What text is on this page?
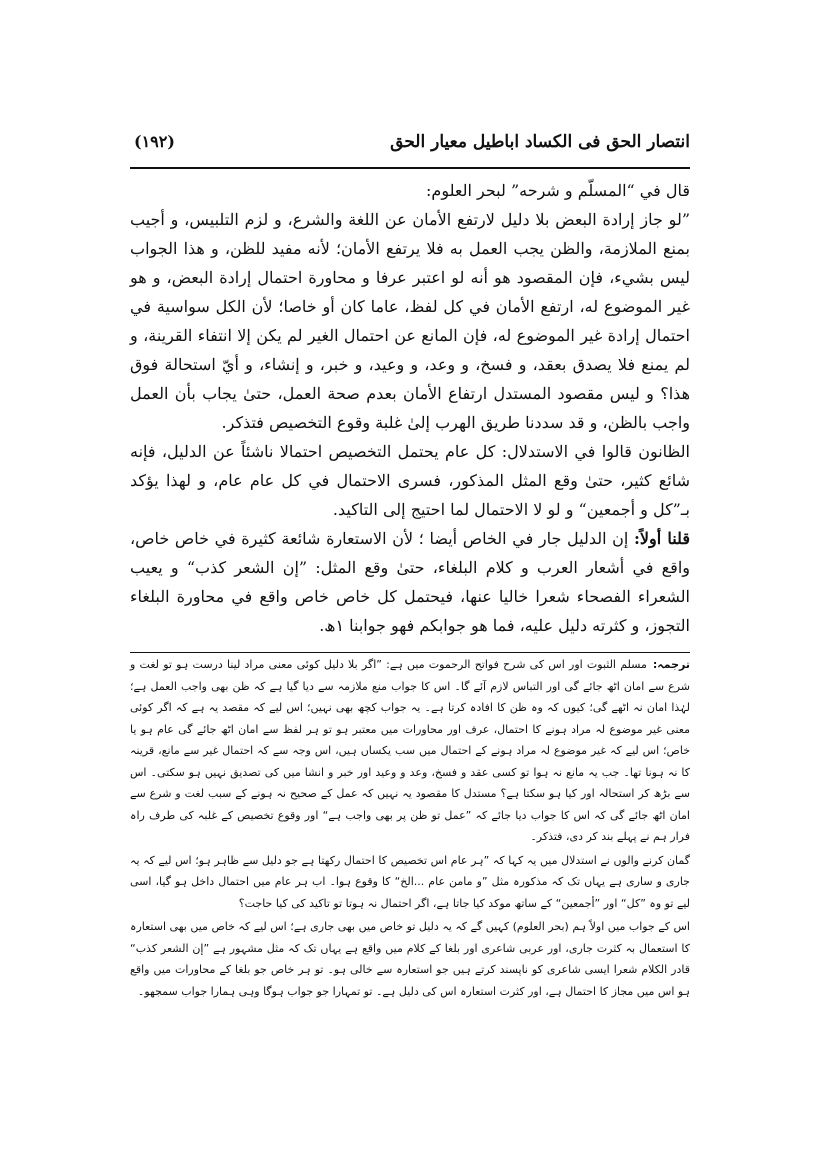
انتصار الحق فی الکساد اباطیل معیار الحق
(۱۹۲)

قال في “المسلّم و شرحه” لبحر العلوم:

”لو جاز إرادة البعض بلا دليل لارتفع الأمان عن اللغة والشرع، و لزم التلبيس، و أجيب بمنع الملازمة، والظن يجب العمل به فلا يرتفع الأمان؛ لأنه مفيد للظن، و هذا الجواب ليس بشيء، فإن المقصود هو أنه لو اعتبر عرفا و محاورة احتمال إرادة البعض، و هو غير الموضوع له، ارتفع الأمان في كل لفظ، عاما كان أو خاصا؛ لأن الكل سواسية في احتمال إرادة غير الموضوع له، فإن المانع عن احتمال الغير لم يكن إلا انتفاء القرينة، و لم يمنع فلا يصدق بعقد، و فسخ، و وعد، و وعيد، و خبر، و إنشاء، و أيّ استحالة فوق هذا؟ و ليس مقصود المستدل ارتفاع الأمان بعدم صحة العمل، حتىٰ يجاب بأن العمل واجب بالظن، و قد سددنا طريق الهرب إلىٰ غلبة وقوع التخصيص فتذكر.

الظانون قالوا في الاستدلال: كل عام يحتمل التخصيص احتمالا ناشئاً عن الدليل، فإنه شائع كثير، حتىٰ وقع المثل المذكور، فسرى الاحتمال في كل عام عام، و لهذا يؤكد بـ”كل و أجمعين“ و لو لا الاحتمال لما احتيج إلى التاكيد.

قلنا أولاً: إن الدليل جار في الخاص أيضا ؛ لأن الاستعارة شائعة كثيرة في خاص خاص، واقع في أشعار العرب و كلام البلغاء، حتىٰ وقع المثل: ”إن الشعر كذب“ و يعيب الشعراء الفصحاء شعرا خاليا عنها، فيحتمل كل خاص خاص واقع في محاورة البلغاء التجوز، و كثرته دليل عليه، فما هو جوابكم فهو جوابنا ۱ھ.

ترجمہ:مسلم الثبوت اور اس کی شرح فواتح الرحموت میں ہے: ”اگر بلا دلیل کوئی معنی مراد لینا درست ہو تو لغت و شرع سے امان اٹھ جائے گی اور التباس لازم آئے گا۔ اس کا جواب منع ملازمہ سے دیا گیا ہے کہ ظن بھی واجب العمل ہے؛ لہٰذا امان نہ اٹھے گی؛ کیوں کہ وہ ظن کا افادہ کرتا ہے۔ یہ جواب کچھ بھی نہیں؛ اس لیے کہ مقصد یہ ہے کہ اگر کوئی معنی غیر موضوع لہ مراد ہونے کا احتمال، عرف اور محاورات میں معتبر ہو تو ہر لفظ سے امان اٹھ جائے گی عام ہو یا خاص؛ اس لیے کہ غیر موضوع لہ مراد ہونے کے احتمال میں سب یکساں ہیں، اس وجہ سے کہ احتمال غیر سے مانع، قرینہ کا نہ ہونا تھا۔ جب یہ مانع نہ ہوا تو کسی عقد و فسخ، وعد و وعید اور خبر و انشا میں کی تصدیق نہیں ہو سکتی۔ اس سے بڑھ کر استحالہ اور کیا ہو سکتا ہے؟ مستدل کا مقصود یہ نہیں کہ عمل کے صحیح نہ ہونے کے سبب لغت و شرع سے امان اٹھ جائے گی کہ اس کا جواب دیا جائے کہ ”عمل تو ظن پر بھی واجب ہے“ اور وقوع تخصیص کے غلبہ کی طرف راہ فرار ہم نے پہلے بند کر دی، فتذکر۔

گمان کرنے والوں نے استدلال میں یہ کہا کہ ”ہر عام اس تخصیص کا احتمال رکھتا ہے جو دلیل سے ظاہر ہو؛ اس لیے کہ یہ جاری و ساری ہے یہاں تک کہ مذکورہ مثل ”و مامن عام ...الخ“ کا وقوع ہوا۔ اب ہر عام میں احتمال داخل ہو گیا، اسی لیے تو وہ ”کل“ اور ”أجمعین“ کے ساتھ موکد کیا جاتا ہے، اگر احتمال نہ ہوتا تو تاکید کی کیا حاجت؟

اس کے جواب میں اولاً ہم (بحر العلوم) کہیں گے کہ یہ دلیل تو خاص میں بھی جاری ہے؛ اس لیے کہ خاص میں بھی استعارہ کا استعمال بہ کثرت جاری، اور عربی شاعری اور بلغا کے کلام میں واقع ہے یہاں تک کہ مثل مشہور ہے ”إن الشعر كذب“ قادر الکلام شعرا ایسی شاعری کو ناپسند کرتے ہیں جو استعارہ سے خالی ہو۔ تو ہر خاص جو بلغا کے محاورات میں واقع ہو اس میں مجاز کا احتمال ہے، اور کثرت استعارہ اس کی دلیل ہے۔ تو تمہارا جو جواب ہوگا وہی ہمارا جواب سمجھو۔
